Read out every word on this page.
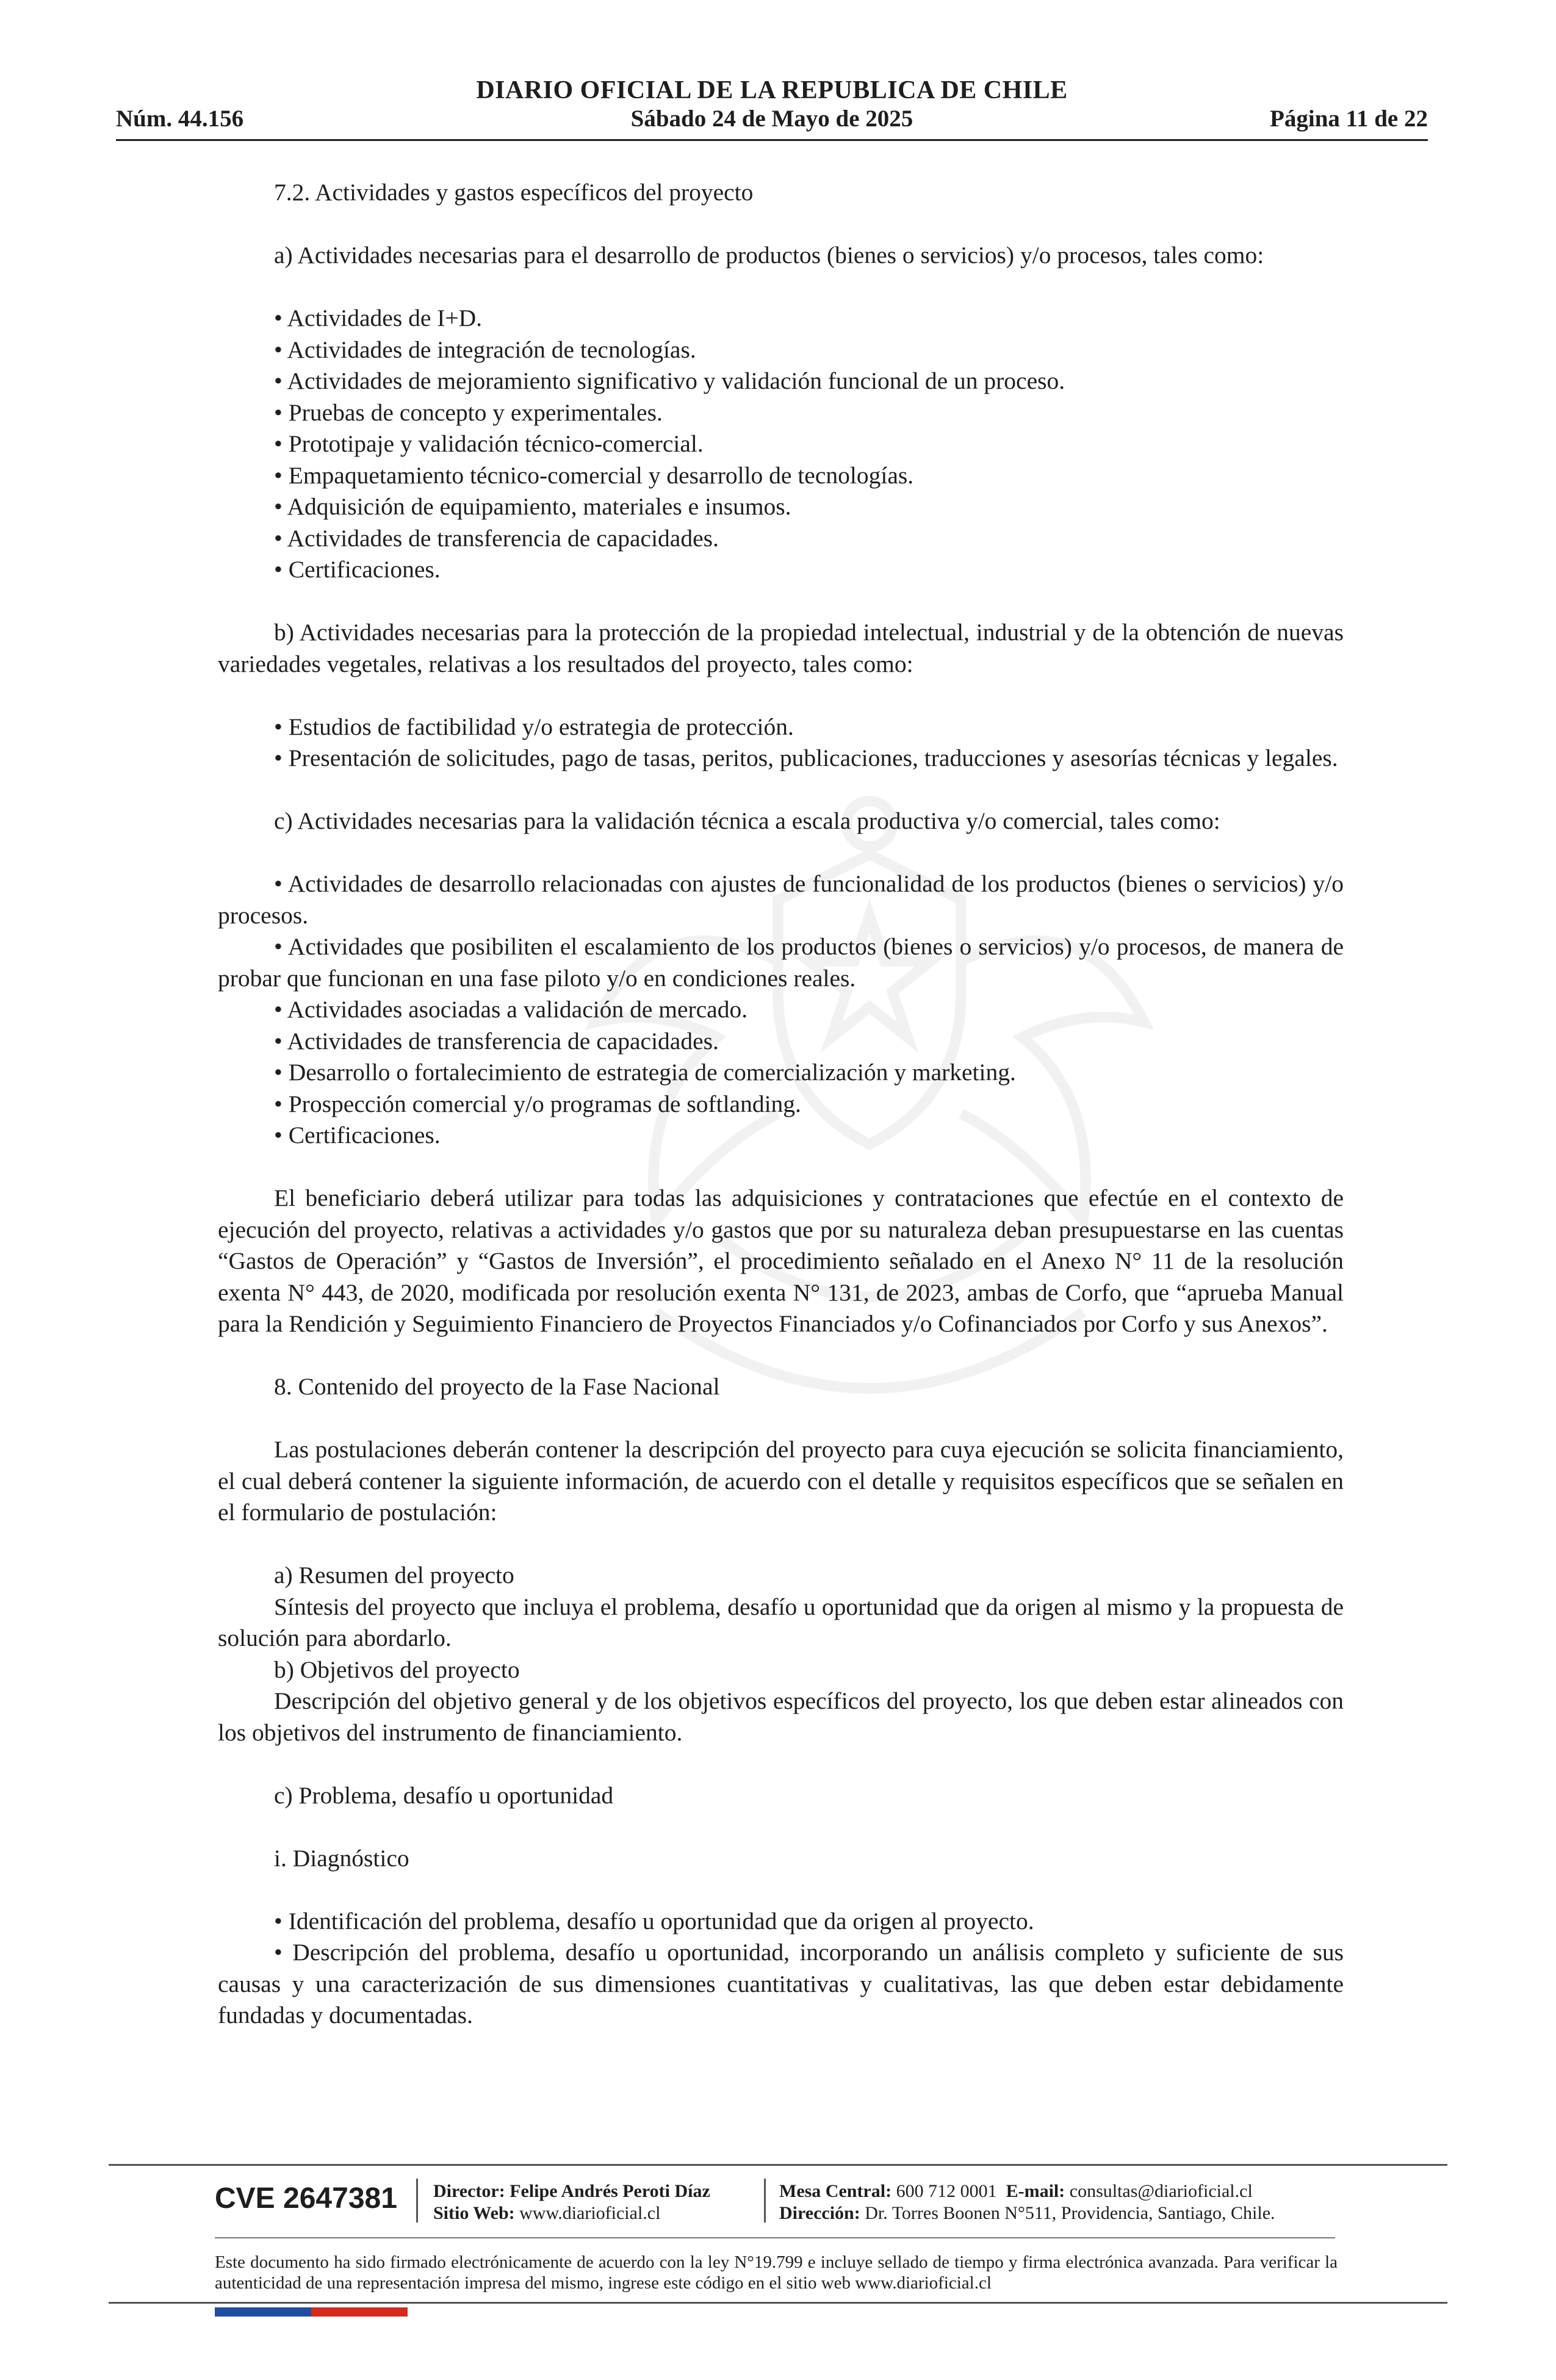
Núm. 44.156
DIARIO OFICIAL DE LA REPUBLICA DE CHILE
Sábado 24 de Mayo de 2025	Página 11 de 22

7.2. Actividades y gastos específicos del proyecto

a) Actividades necesarias para el desarrollo de productos (bienes o servicios) y/o procesos, tales como:

• Actividades de I+D.

• Actividades de integración de tecnologías.

• Actividades de mejoramiento significativo y validación funcional de un proceso.

• Pruebas de concepto y experimentales.

• Prototipaje y validación técnico-comercial.

• Empaquetamiento técnico-comercial y desarrollo de tecnologías.

• Adquisición de equipamiento, materiales e insumos.

• Actividades de transferencia de capacidades.

• Certificaciones.

b) Actividades necesarias para la protección de la propiedad intelectual, industrial y de la obtención de nuevas variedades vegetales, relativas a los resultados del proyecto, tales como:

• Estudios de factibilidad y/o estrategia de protección.

• Presentación de solicitudes, pago de tasas, peritos, publicaciones, traducciones y asesorías técnicas y legales.

c) Actividades necesarias para la validación técnica a escala productiva y/o comercial, tales como:

• Actividades de desarrollo relacionadas con ajustes de funcionalidad de los productos (bienes o servicios) y/o procesos.

• Actividades que posibiliten el escalamiento de los productos (bienes o servicios) y/o procesos, de manera de probar que funcionan en una fase piloto y/o en condiciones reales.

• Actividades asociadas a validación de mercado.

• Actividades de transferencia de capacidades.

• Desarrollo o fortalecimiento de estrategia de comercialización y marketing.

• Prospección comercial y/o programas de softlanding.

• Certificaciones.

El beneficiario deberá utilizar para todas las adquisiciones y contrataciones que efectúe en el contexto de ejecución del proyecto, relativas a actividades y/o gastos que por su naturaleza deban presupuestarse en las cuentas “Gastos de Operación” y “Gastos de Inversión”, el procedimiento señalado en el Anexo N° 11 de la resolución exenta N° 443, de 2020, modificada por resolución exenta N° 131, de 2023, ambas de Corfo, que “aprueba Manual para la Rendición y Seguimiento Financiero de Proyectos Financiados y/o Cofinanciados por Corfo y sus Anexos”.

8. Contenido del proyecto de la Fase Nacional

Las postulaciones deberán contener la descripción del proyecto para cuya ejecución se solicita financiamiento, el cual deberá contener la siguiente información, de acuerdo con el detalle y requisitos específicos que se señalen en el formulario de postulación:

a) Resumen del proyecto

Síntesis del proyecto que incluya el problema, desafío u oportunidad que da origen al mismo y la propuesta de solución para abordarlo.

b) Objetivos del proyecto

Descripción del objetivo general y de los objetivos específicos del proyecto, los que deben estar alineados con los objetivos del instrumento de financiamiento.

c) Problema, desafío u oportunidad

i. Diagnóstico

• Identificación del problema, desafío u oportunidad que da origen al proyecto.

• Descripción del problema, desafío u oportunidad, incorporando un análisis completo y suficiente de sus causas y una caracterización de sus dimensiones cuantitativas y cualitativas, las que deben estar debidamente fundadas y documentadas.

CVE 2647381 Director: Felipe Andrés Peroti Díaz
Sitio Web: www.diarioficial.cl
Mesa Central: 600 712 0001 E-mail: consultas@diarioficial.cl
Dirección: Dr. Torres Boonen N°511, Providencia, Santiago, Chile.
Este documento ha sido firmado electrónicamente de acuerdo con la ley N°19.799 e incluye sellado de tiempo y firma electrónica avanzada. Para verificar la autenticidad de una representación impresa del mismo, ingrese este código en el sitio web www.diarioficial.cl
